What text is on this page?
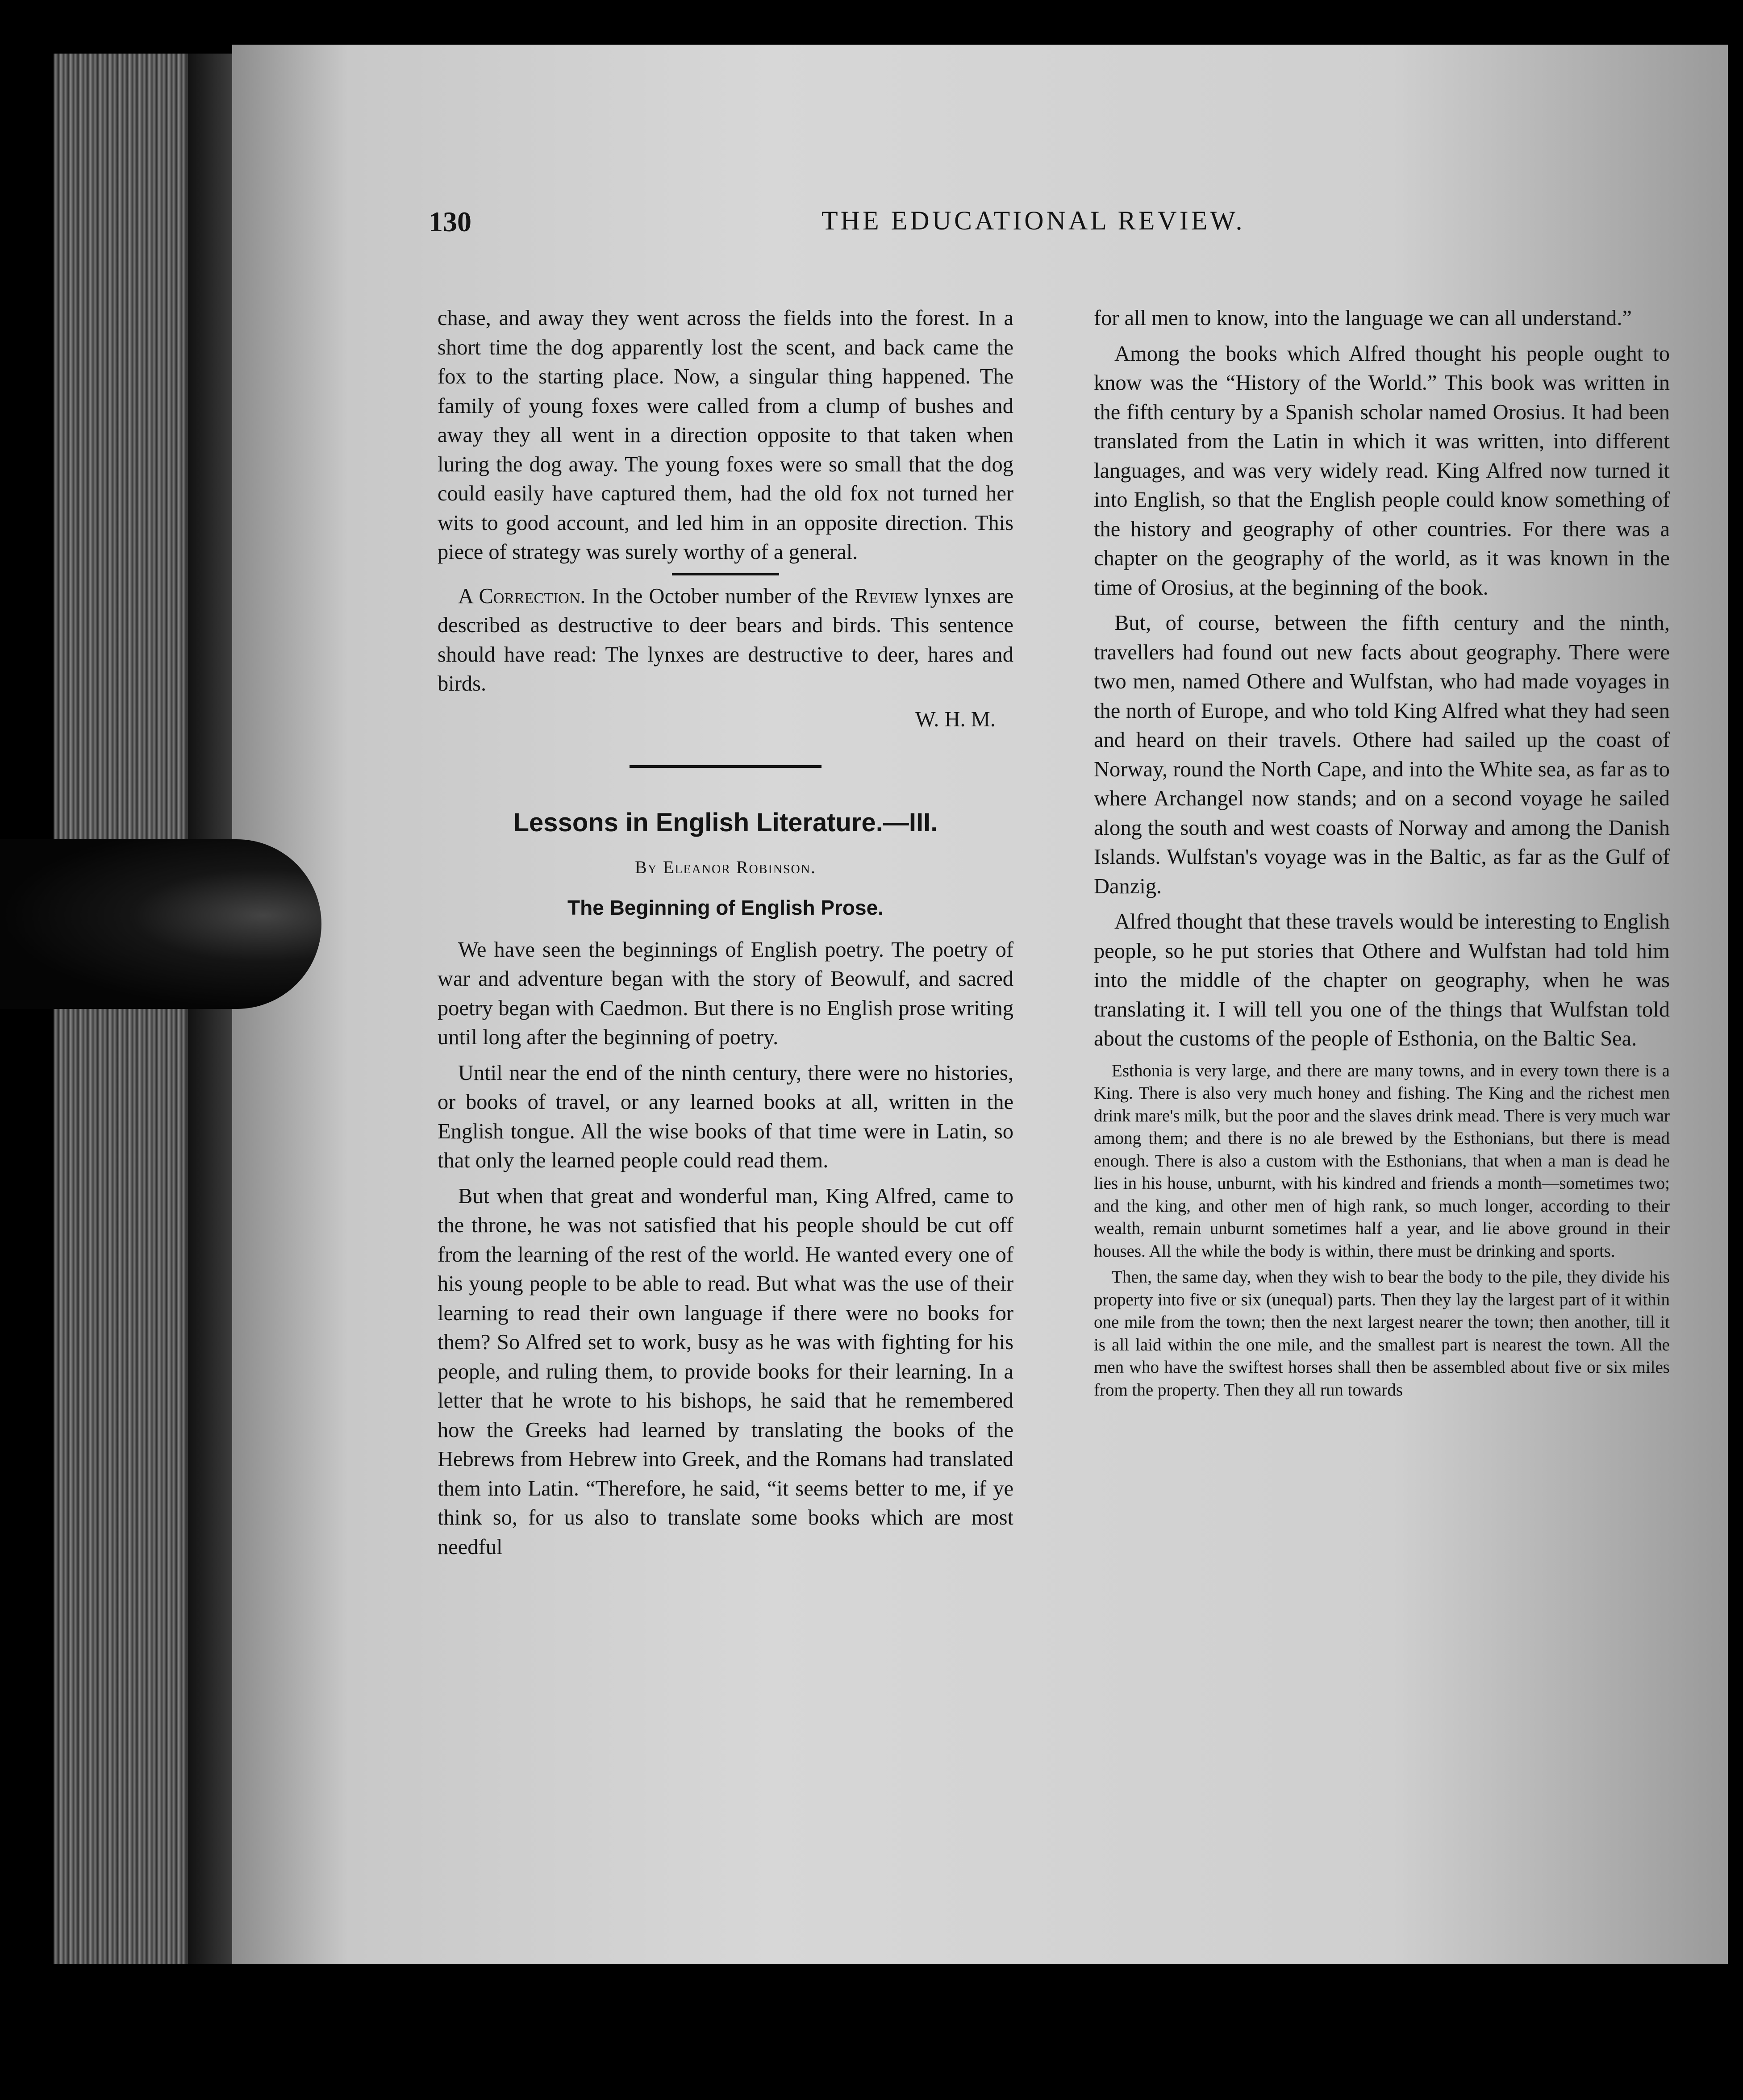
130	THE EDUCATIONAL REVIEW.

chase, and away they went across the fields into the forest. In a short time the dog apparently lost the scent, and back came the fox to the starting place. Now, a singular thing happened. The family of young foxes were called from a clump of bushes and away they all went in a direction opposite to that taken when luring the dog away. The young foxes were so small that the dog could easily have captured them, had the old fox not turned her wits to good account, and led him in an opposite direction. This piece of strategy was surely worthy of a general.

A Correction. In the October number of the Review lynxes are described as destructive to deer bears and birds. This sentence should have read: The lynxes are destructive to deer, hares and birds.

W. H. M.

Lessons in English Literature.—III.
By Eleanor Robinson.
The Beginning of English Prose.

We have seen the beginnings of English poetry. The poetry of war and adventure began with the story of Beowulf, and sacred poetry began with Caedmon. But there is no English prose writing until long after the beginning of poetry.

Until near the end of the ninth century, there were no histories, or books of travel, or any learned books at all, written in the English tongue. All the wise books of that time were in Latin, so that only the learned people could read them.

But when that great and wonderful man, King Alfred, came to the throne, he was not satisfied that his people should be cut off from the learning of the rest of the world. He wanted every one of his young people to be able to read. But what was the use of their learning to read their own language if there were no books for them? So Alfred set to work, busy as he was with fighting for his people, and ruling them, to provide books for their learning. In a letter that he wrote to his bishops, he said that he remembered how the Greeks had learned by translating the books of the Hebrews from Hebrew into Greek, and the Romans had translated them into Latin. “Therefore, he said, “it seems better to me, if ye think so, for us also to translate some books which are most needful

for all men to know, into the language we can all understand.”

Among the books which Alfred thought his people ought to know was the “History of the World.” This book was written in the fifth century by a Spanish scholar named Orosius. It had been translated from the Latin in which it was written, into different languages, and was very widely read. King Alfred now turned it into English, so that the English people could know something of the history and geography of other countries. For there was a chapter on the geography of the world, as it was known in the time of Orosius, at the beginning of the book.

But, of course, between the fifth century and the ninth, travellers had found out new facts about geography. There were two men, named Othere and Wulfstan, who had made voyages in the north of Europe, and who told King Alfred what they had seen and heard on their travels. Othere had sailed up the coast of Norway, round the North Cape, and into the White sea, as far as to where Archangel now stands; and on a second voyage he sailed along the south and west coasts of Norway and among the Danish Islands. Wulfstan's voyage was in the Baltic, as far as the Gulf of Danzig.

Alfred thought that these travels would be interesting to English people, so he put stories that Othere and Wulfstan had told him into the middle of the chapter on geography, when he was translating it. I will tell you one of the things that Wulfstan told about the customs of the people of Esthonia, on the Baltic Sea.

Esthonia is very large, and there are many towns, and in every town there is a King. There is also very much honey and fishing. The King and the richest men drink mare's milk, but the poor and the slaves drink mead. There is very much war among them; and there is no ale brewed by the Esthonians, but there is mead enough. There is also a custom with the Esthonians, that when a man is dead he lies in his house, unburnt, with his kindred and friends a month—sometimes two; and the king, and other men of high rank, so much longer, according to their wealth, remain unburnt sometimes half a year, and lie above ground in their houses. All the while the body is within, there must be drinking and sports.

Then, the same day, when they wish to bear the body to the pile, they divide his property into five or six (unequal) parts. Then they lay the largest part of it within one mile from the town; then the next largest nearer the town; then another, till it is all laid within the one mile, and the smallest part is nearest the town. All the men who have the swiftest horses shall then be assembled about five or six miles from the property. Then they all run towards
